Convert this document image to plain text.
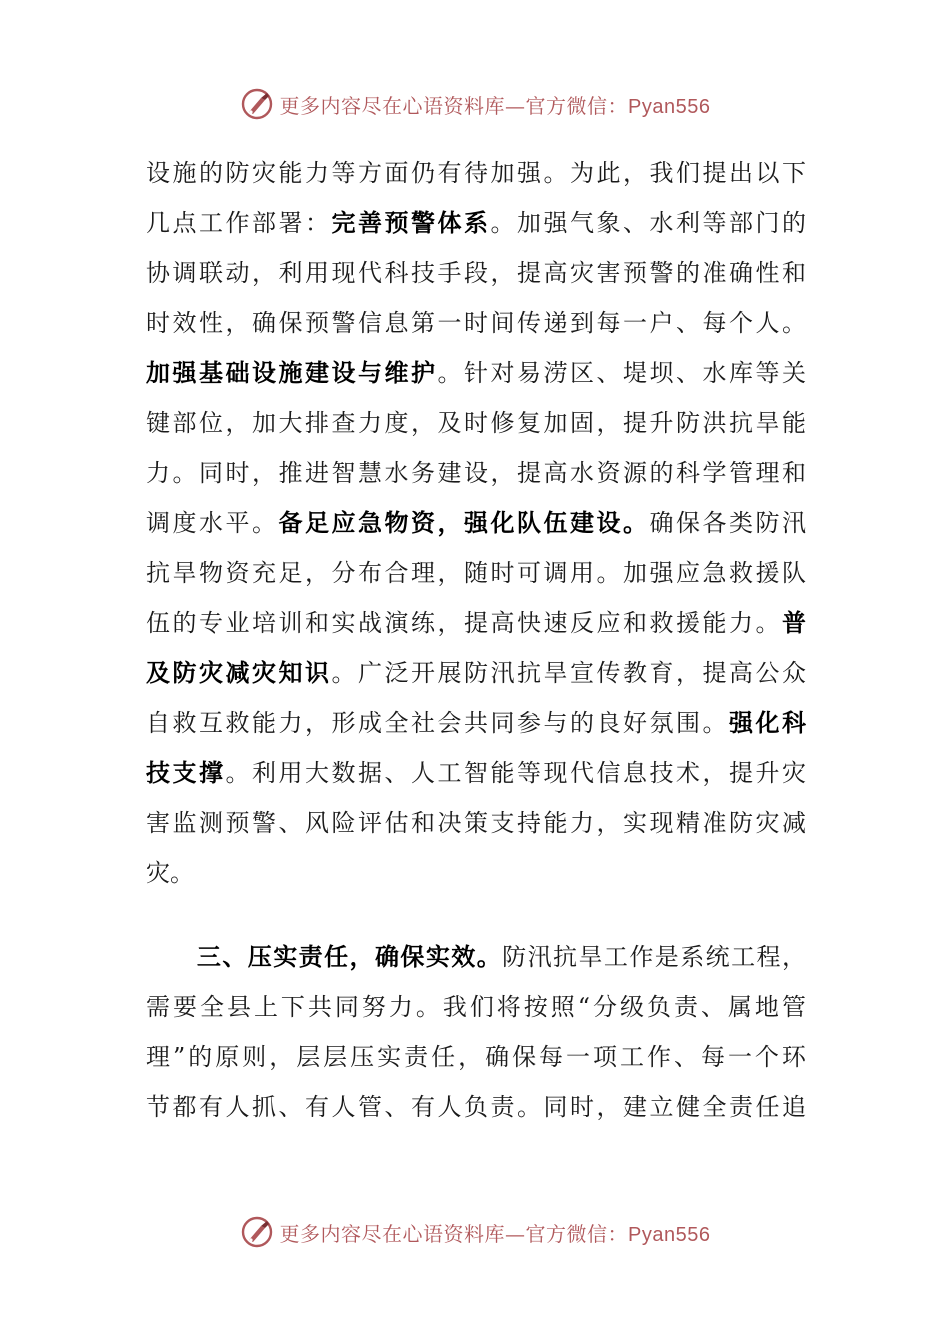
更多内容尽在心语资料库—官方微信：Pyan556
设 施 的 防 灾 能 力 等 方 面 仍 有 待 加 强 。 为 此 ， 我 们 提 出 以 下
几 点 工 作 部 署 ： 完 善 预 警 体 系 。 加 强 气 象 、 水 利 等 部 门 的
协 调 联 动 ， 利 用 现 代 科 技 手 段 ， 提 高 灾 害 预 警 的 准 确 性 和
时 效 性 ， 确 保 预 警 信 息 第 一 时 间 传 递 到 每 一 户 、 每 个 人 。
加 强 基 础 设 施 建 设 与 维 护 。 针 对 易 涝 区 、 堤 坝 、 水 库 等 关
键 部 位 ， 加 大 排 查 力 度 ， 及 时 修 复 加 固 ， 提 升 防 洪 抗 旱 能
力 。 同 时 ， 推 进 智 慧 水 务 建 设 ， 提 高 水 资 源 的 科 学 管 理 和
调 度 水 平 。 备 足 应 急 物 资 ， 强 化 队 伍 建 设 。 确 保 各 类 防 汛
抗 旱 物 资 充 足 ， 分 布 合 理 ， 随 时 可 调 用 。 加 强 应 急 救 援 队
伍 的 专 业 培 训 和 实 战 演 练 ， 提 高 快 速 反 应 和 救 援 能 力 。 普
及 防 灾 减 灾 知 识 。 广 泛 开 展 防 汛 抗 旱 宣 传 教 育 ， 提 高 公 众
自 救 互 救 能 力 ， 形 成 全 社 会 共 同 参 与 的 良 好 氛 围 。 强 化 科
技 支 撑 。 利 用 大 数 据 、 人 工 智 能 等 现 代 信 息 技 术 ， 提 升 灾
害 监 测 预 警 、 风 险 评 估 和 决 策 支 持 能 力 ， 实 现 精 准 防 灾 减
灾 。

三 、 压 实 责 任 ， 确 保 实 效 。 防 汛 抗 旱 工 作 是 系 统 工 程 ，
需 要 全 县 上 下 共 同 努 力 。 我 们 将 按 照 “ 分 级 负 责 、 属 地 管
理 ” 的 原 则 ， 层 层 压 实 责 任 ， 确 保 每 一 项 工 作 、 每 一 个 环
节 都 有 人 抓 、 有 人 管 、 有 人 负 责 。 同 时 ， 建 立 健 全 责 任 追
更多内容尽在心语资料库—官方微信：Pyan556
